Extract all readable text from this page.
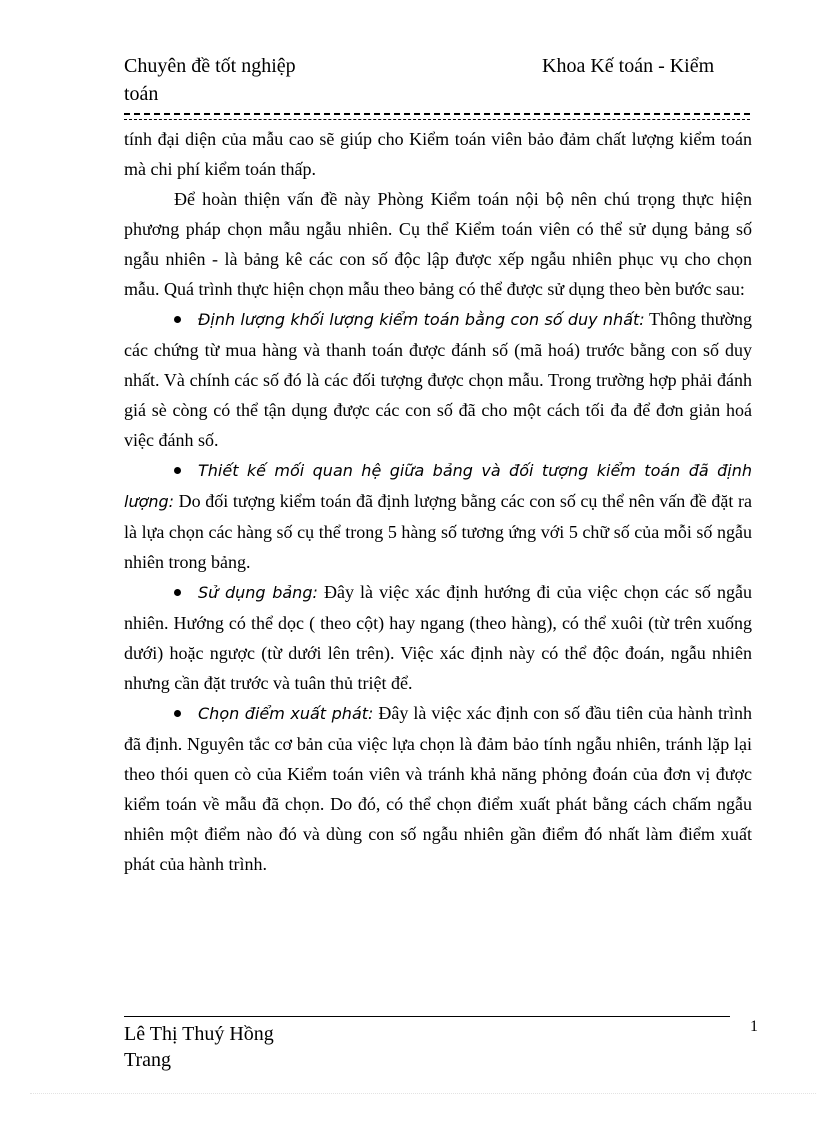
Chuyên đề tốt nghiệp	Khoa Kế toán - Kiểm
toán

tính đại diện của mẫu cao sẽ giúp cho Kiểm toán viên bảo đảm chất lượng kiểm toán mà chi phí kiểm toán thấp.

Để hoàn thiện vấn đề này Phòng Kiểm toán nội bộ nên chú trọng thực hiện phương pháp chọn mẫu ngẫu nhiên. Cụ thể Kiểm toán viên có thể sử dụng bảng số ngẫu nhiên - là bảng kê các con số độc lập được xếp ngẫu nhiên phục vụ cho chọn mẫu. Quá trình thực hiện chọn mẫu theo bảng có thể được sử dụng theo bèn bước sau:

Định lượng khối lượng kiểm toán bằng con số duy nhất: Thông thường các chứng từ mua hàng và thanh toán được đánh số (mã hoá) trước bằng con số duy nhất. Và chính các số đó là các đối tượng được chọn mẫu. Trong trường hợp phải đánh giá sè còng có thể tận dụng được các con số đã cho một cách tối đa để đơn giản hoá việc đánh số.

Thiết kế mối quan hệ giữa bảng và đối tượng kiểm toán đã định lượng: Do đối tượng kiểm toán đã định lượng bằng các con số cụ thể nên vấn đề đặt ra là lựa chọn các hàng số cụ thể trong 5 hàng số tương ứng với 5 chữ số của mỗi số ngẫu nhiên trong bảng.

Sử dụng bảng: Đây là việc xác định hướng đi của việc chọn các số ngẫu nhiên. Hướng có thể dọc ( theo cột) hay ngang (theo hàng), có thể xuôi (từ trên xuống dưới) hoặc ngược (từ dưới lên trên). Việc xác định này có thể độc đoán, ngẫu nhiên nhưng cần đặt trước và tuân thủ triệt để.

Chọn điểm xuất phát: Đây là việc xác định con số đầu tiên của hành trình đã định. Nguyên tắc cơ bản của việc lựa chọn là đảm bảo tính ngẫu nhiên, tránh lặp lại theo thói quen cò của Kiểm toán viên và tránh khả năng phỏng đoán của đơn vị được kiểm toán về mẫu đã chọn. Do đó, có thể chọn điểm xuất phát bằng cách chấm ngẫu nhiên một điểm nào đó và dùng con số ngẫu nhiên gần điểm đó nhất làm điểm xuất phát của hành trình.

Lê Thị Thuý Hồng
Trang
1
